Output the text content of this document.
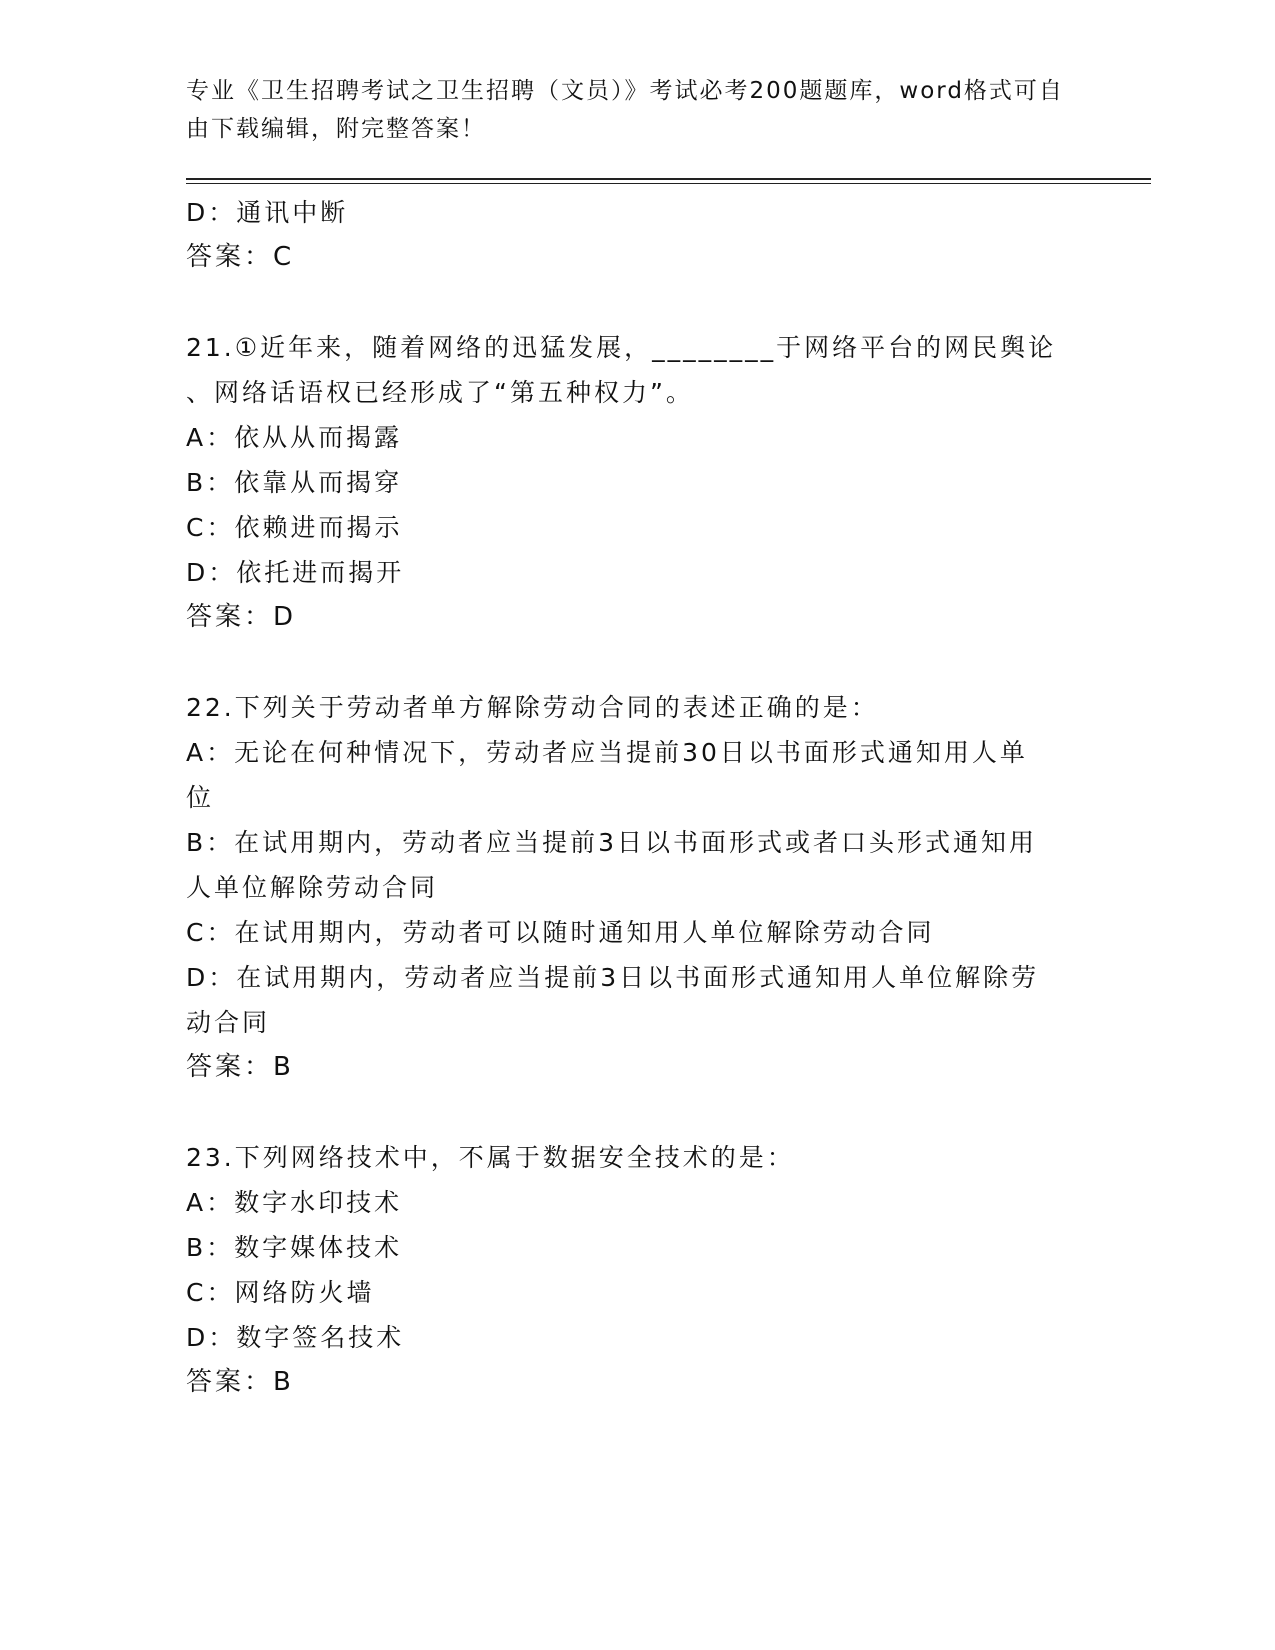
专业《卫生招聘考试之卫生招聘（文员）》考试必考200题题库，word格式可自
由下载编辑，附完整答案！
D：通讯中断
答案：C
21.①近年来，随着网络的迅猛发展，________于网络平台的网民舆论
、网络话语权已经形成了“第五种权力”。
A：依从从而揭露
B：依靠从而揭穿
C：依赖进而揭示
D：依托进而揭开
答案：D
22.下列关于劳动者单方解除劳动合同的表述正确的是：
A：无论在何种情况下，劳动者应当提前30日以书面形式通知用人单
位
B：在试用期内，劳动者应当提前3日以书面形式或者口头形式通知用
人单位解除劳动合同
C：在试用期内，劳动者可以随时通知用人单位解除劳动合同
D：在试用期内，劳动者应当提前3日以书面形式通知用人单位解除劳
动合同
答案：B
23.下列网络技术中，不属于数据安全技术的是：
A：数字水印技术
B：数字媒体技术
C：网络防火墙
D：数字签名技术
答案：B
